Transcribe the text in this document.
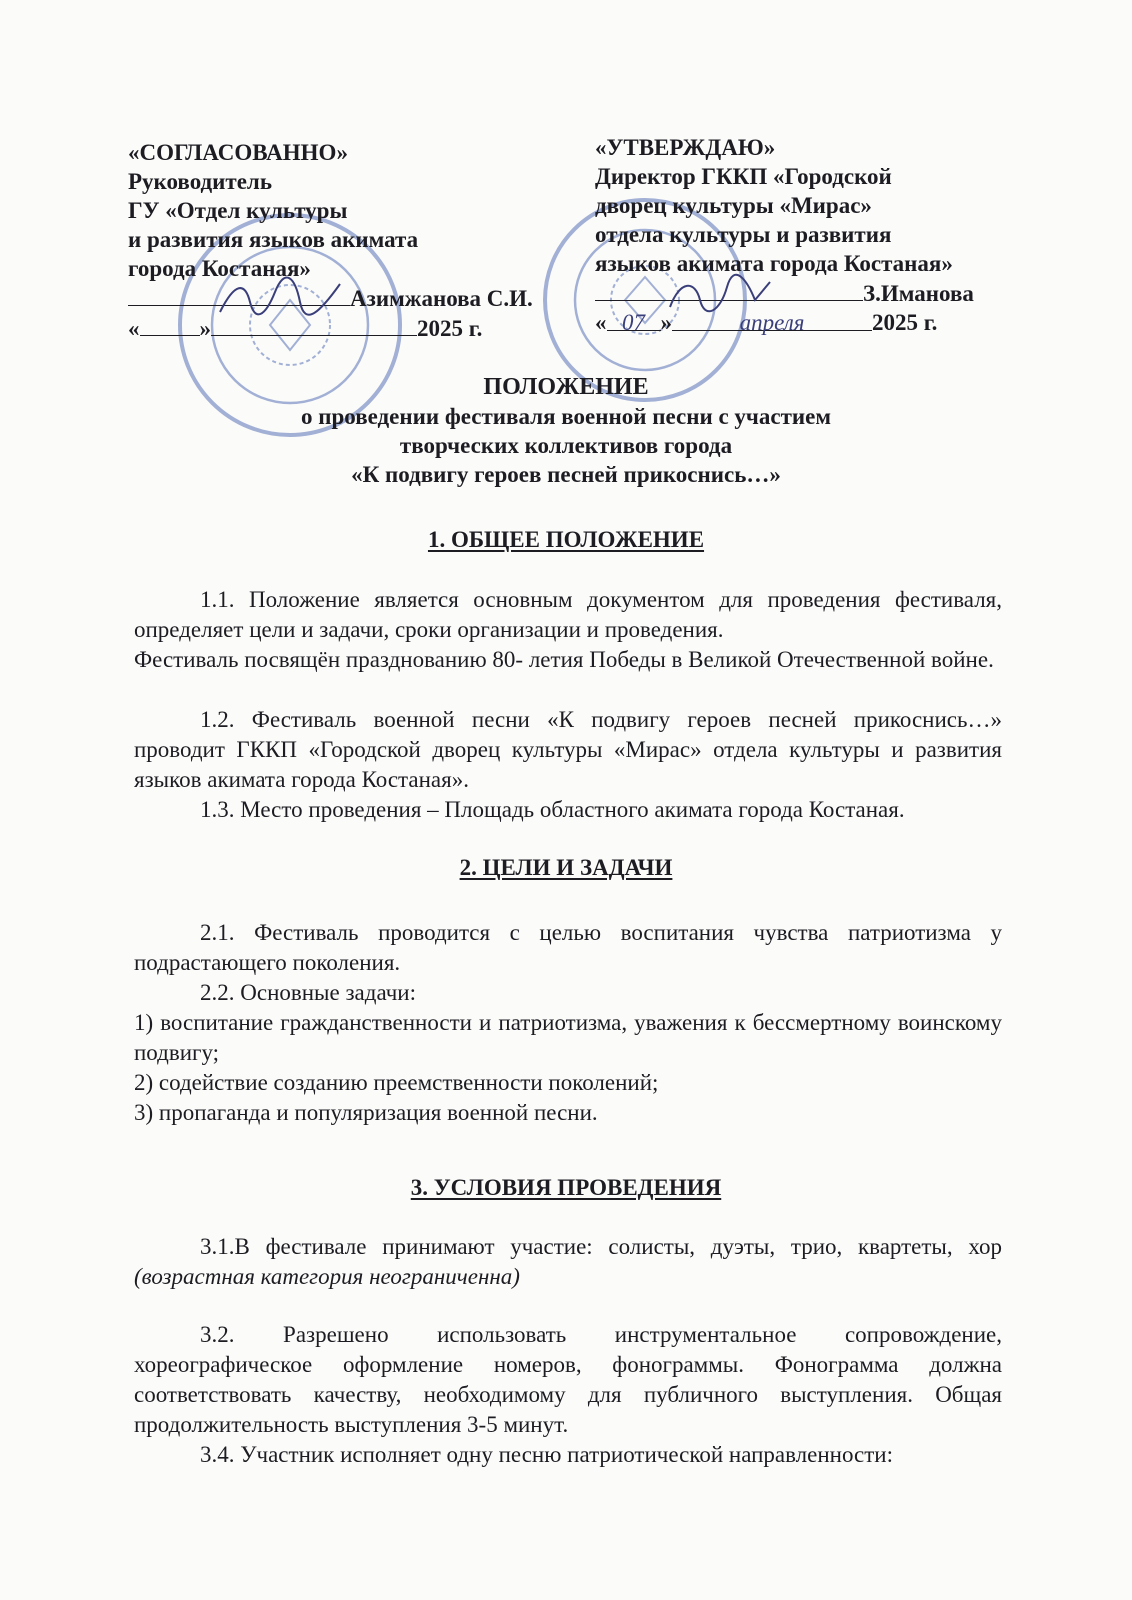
«СОГЛАСОВАННО»
Руководитель
ГУ «Отдел культуры
и развития языков акимата
города Костаная»
Азимжанова С.И.
«	»	2025 г.
«УТВЕРЖДАЮ»
Директор ГККП «Городской
дворец культуры «Мирас»
отдела культуры и развития
языков акимата города Костаная»
З.Иманова
« 07 »	апреля	2025 г.
ПОЛОЖЕНИЕ
о проведении фестиваля военной песни с участием
творческих коллективов города
«К подвигу героев песней прикоснись…»
1. ОБЩЕЕ ПОЛОЖЕНИЕ
1.1. Положение является основным документом для проведения фестиваля, определяет цели и задачи, сроки организации и проведения.
Фестиваль посвящён празднованию 80- летия Победы в Великой Отечественной войне.
1.2. Фестиваль военной песни «К подвигу героев песней прикоснись…» проводит ГККП «Городской дворец культуры «Мирас» отдела культуры и развития языков акимата города Костаная».
1.3. Место проведения – Площадь областного акимата города Костаная.
2. ЦЕЛИ И ЗАДАЧИ
2.1. Фестиваль проводится с целью воспитания чувства патриотизма у подрастающего поколения.
2.2. Основные задачи:
1) воспитание гражданственности и патриотизма, уважения к бессмертному воинскому подвигу;
2) содействие созданию преемственности поколений;
3) пропаганда и популяризация военной песни.
3. УСЛОВИЯ ПРОВЕДЕНИЯ
3.1.В фестивале принимают участие: солисты, дуэты, трио, квартеты, хор (возрастная категория неограниченна)
3.2. Разрешено использовать инструментальное сопровождение, хореографическое оформление номеров, фонограммы. Фонограмма должна соответствовать качеству, необходимому для публичного выступления. Общая продолжительность выступления 3-5 минут.
3.4. Участник исполняет одну песню патриотической направленности:
